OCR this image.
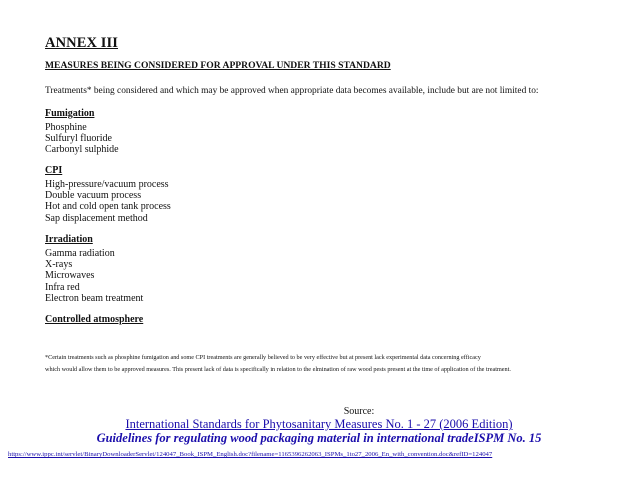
ANNEX III
MEASURES BEING CONSIDERED FOR APPROVAL UNDER THIS STANDARD
Treatments* being considered and which may be approved when appropriate data becomes available, include but are not limited to:
Fumigation
Phosphine
Sulfuryl fluoride
Carbonyl sulphide
CPI
High-pressure/vacuum process
Double vacuum process
Hot and cold open tank process
Sap displacement method
Irradiation
Gamma radiation
X-rays
Microwaves
Infra red
Electron beam treatment
Controlled atmosphere
*Certain treatments such as phosphine fumigation and some CPI treatments are generally believed to be very effective but at present lack experimental data concerning efficacy
which would allow them to be approved measures. This present lack of data is specifically in relation to the elmination of raw wood pests present at the time of application of the treatment.
Source:
International Standards for Phytosanitary Measures No. 1 - 27 (2006 Edition)
Guidelines for regulating wood packaging material in international tradeISPM No. 15
https://www.ippc.int/servlet/BinaryDownloaderServlet/124047_Book_ISPM_English.doc?filename=1165396262063_ISPMs_1to27_2006_En_with_convention.doc&refID=124047
